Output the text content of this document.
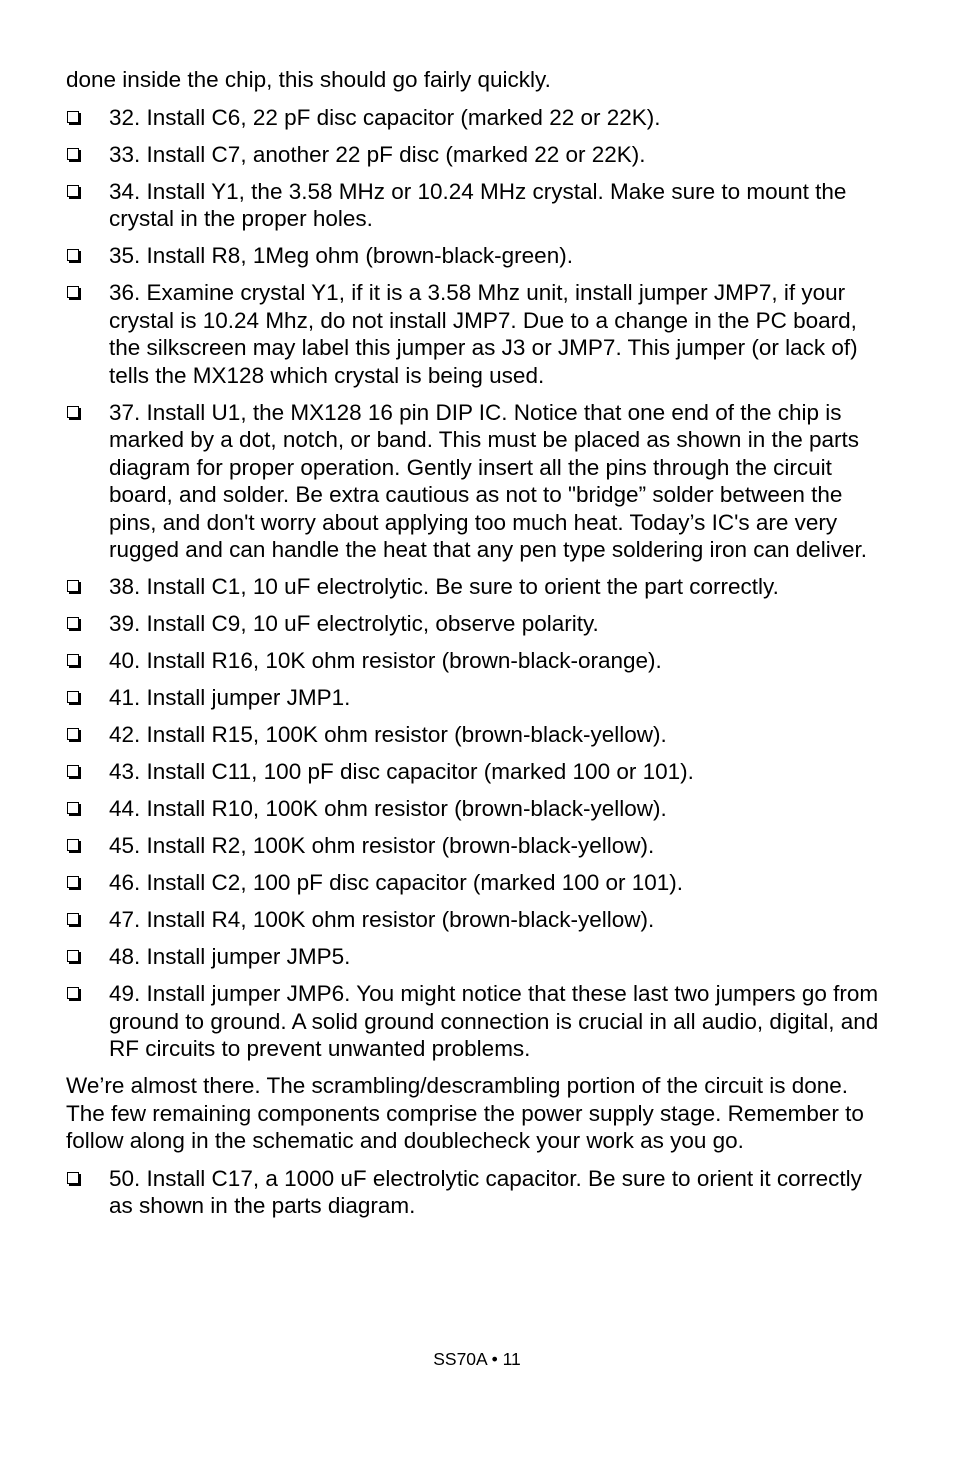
done inside the chip, this should go fairly quickly.

32. Install C6, 22 pF disc capacitor (marked 22 or 22K).
33. Install C7, another 22 pF disc (marked 22 or 22K).
34. Install Y1, the 3.58 MHz or 10.24 MHz crystal. Make sure to mount the crystal in the proper holes.
35. Install R8, 1Meg ohm (brown-black-green).
36. Examine crystal Y1, if it is a 3.58 Mhz unit, install jumper JMP7, if your crystal is 10.24 Mhz, do not install JMP7. Due to a change in the PC board, the silkscreen may label this jumper as J3 or JMP7. This jumper (or lack of) tells the MX128 which crystal is being used.
37. Install U1, the MX128 16 pin DIP IC. Notice that one end of the chip is marked by a dot, notch, or band. This must be placed as shown in the parts diagram for proper operation. Gently insert all the pins through the circuit board, and solder. Be extra cautious as not to "bridge” solder between the pins, and don't worry about applying too much heat. Today’s IC's are very rugged and can handle the heat that any pen type soldering iron can deliver.
38. Install C1, 10 uF electrolytic. Be sure to orient the part correctly.
39. Install C9, 10 uF electrolytic, observe polarity.
40. Install R16, 10K ohm resistor (brown-black-orange).
41. Install jumper JMP1.
42. Install R15, 100K ohm resistor (brown-black-yellow).
43. Install C11, 100 pF disc capacitor (marked 100 or 101).
44. Install R10, 100K ohm resistor (brown-black-yellow).
45. Install R2, 100K ohm resistor (brown-black-yellow).
46. Install C2, 100 pF disc capacitor (marked 100 or 101).
47. Install R4, 100K ohm resistor (brown-black-yellow).
48. Install jumper JMP5.
49. Install jumper JMP6. You might notice that these last two jumpers go from ground to ground. A solid ground connection is crucial in all audio, digital, and RF circuits to prevent unwanted problems.

We’re almost there. The scrambling/descrambling portion of the circuit is done. The few remaining components comprise the power supply stage. Remember to follow along in the schematic and doublecheck your work as you go.

50. Install C17, a 1000 uF electrolytic capacitor. Be sure to orient it correctly as shown in the parts diagram.
SS70A • 11
